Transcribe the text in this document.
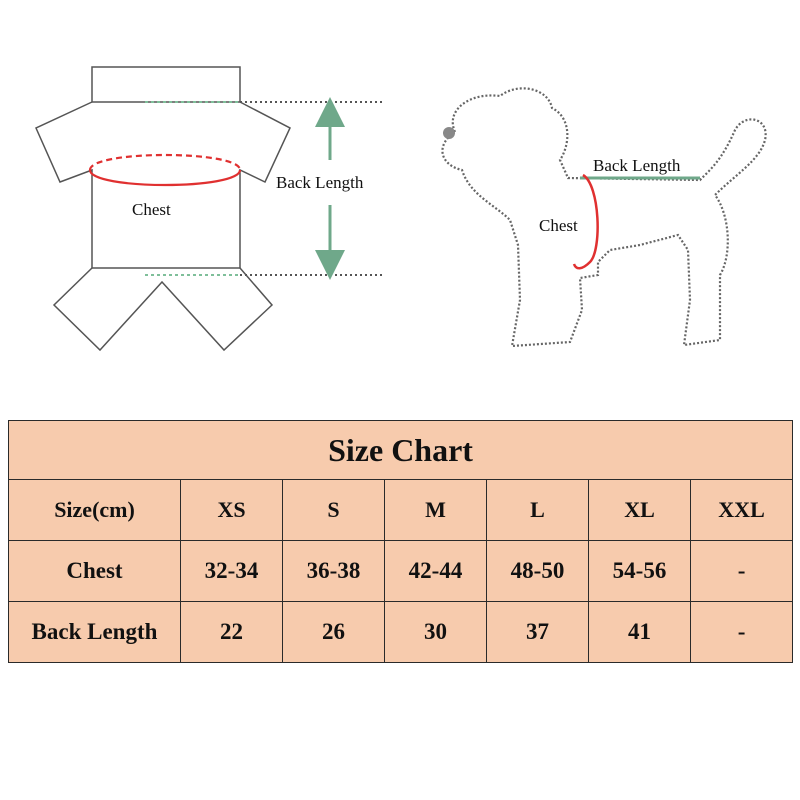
Chest
Back Length
Back Length
Chest
Size Chart						
Size(cm)	XS	S	M	L	XL	XXL
Chest	32-34	36-38	42-44	48-50	54-56	-
Back Length	22	26	30	37	41	-
